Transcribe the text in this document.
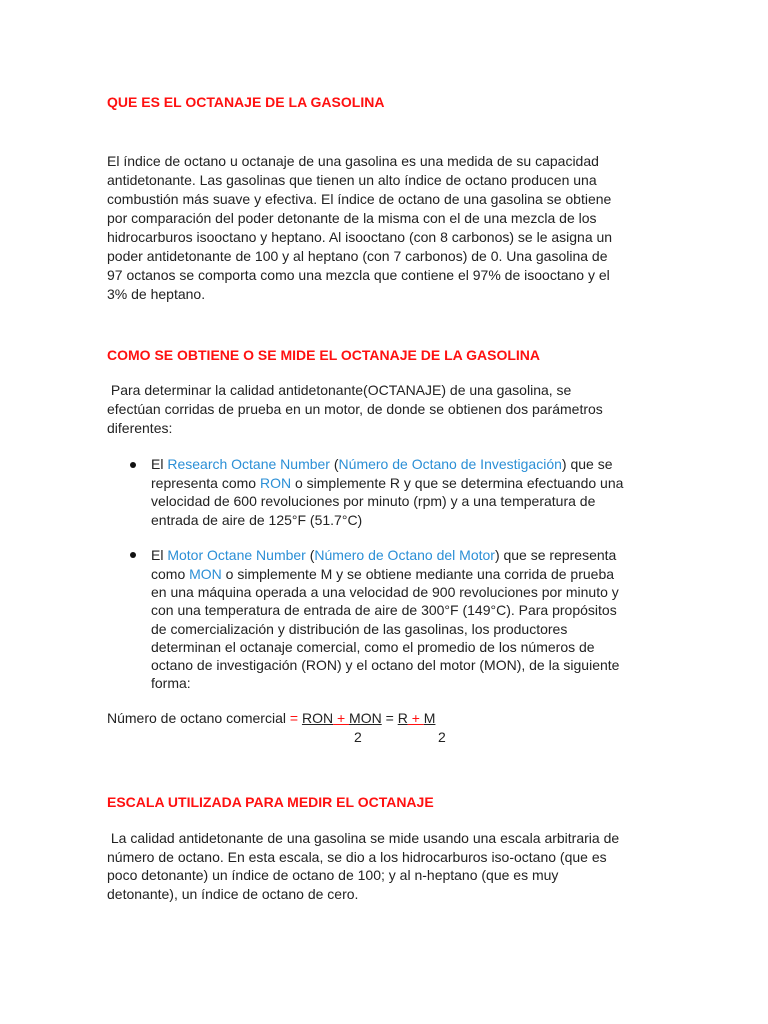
QUE ES EL OCTANAJE DE LA GASOLINA

El índice de octano u octanaje de una gasolina es una medida de su capacidad

antidetonante. Las gasolinas que tienen un alto índice de octano producen una

combustión más suave y efectiva. El índice de octano de una gasolina se obtiene

por comparación del poder detonante de la misma con el de una mezcla de los

hidrocarburos isooctano y heptano. Al isooctano (con 8 carbonos) se le asigna un

poder antidetonante de 100 y al heptano (con 7 carbonos) de 0. Una gasolina de

97 octanos se comporta como una mezcla que contiene el 97% de isooctano y el

3% de heptano.

COMO SE OBTIENE O SE MIDE EL OCTANAJE DE LA GASOLINA

Para determinar la calidad antidetonante(OCTANAJE) de una gasolina, se

efectúan corridas de prueba en un motor, de donde se obtienen dos parámetros

diferentes:

El Research Octane Number (Número de Octano de Investigación) que se

representa como RON o simplemente R y que se determina efectuando una

velocidad de 600 revoluciones por minuto (rpm) y a una temperatura de

entrada de aire de 125°F (51.7°C)

El Motor Octane Number (Número de Octano del Motor) que se representa

como MON o simplemente M y se obtiene mediante una corrida de prueba

en una máquina operada a una velocidad de 900 revoluciones por minuto y

con una temperatura de entrada de aire de 300°F (149°C). Para propósitos

de comercialización y distribución de las gasolinas, los productores

determinan el octanaje comercial, como el promedio de los números de

octano de investigación (RON) y el octano del motor (MON), de la siguiente

forma:

Número de octano comercial = RON + MON = R + M

2	2

ESCALA UTILIZADA PARA MEDIR EL OCTANAJE

La calidad antidetonante de una gasolina se mide usando una escala arbitraria de

número de octano. En esta escala, se dio a los hidrocarburos iso-octano (que es

poco detonante) un índice de octano de 100; y al n-heptano (que es muy

detonante), un índice de octano de cero.
